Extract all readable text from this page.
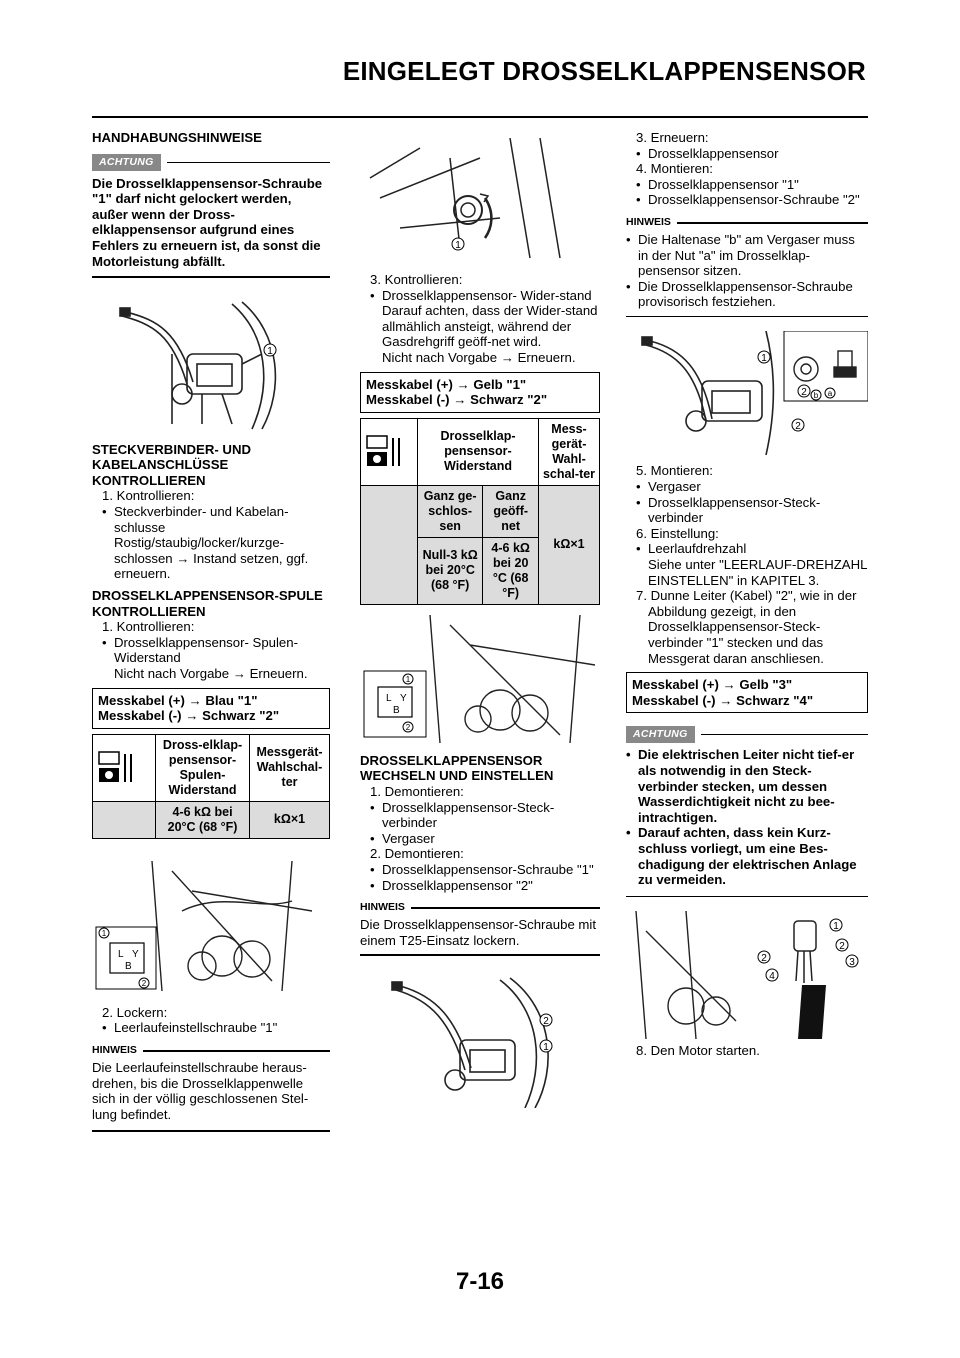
EINGELEGT DROSSELKLAPPENSENSOR
HANDHABUNGSHINWEISE
ACHTUNG
Die Drosselklappensensor-Schraube "1" darf nicht gelockert werden, außer wenn der Dross-elklappensensor aufgrund eines Fehlers zu erneuern ist, da sonst die Motorleistung abfällt.
1
STECKVERBINDER- UND KABELANSCHLÜSSE KONTROLLIEREN
1. Kontrollieren:
• Steckverbinder- und Kabelan-schlusse
Rostig/staubig/locker/kurzge-schlossen → Instand setzen, ggf. erneuern.
DROSSELKLAPPENSENSOR-SPULE KONTROLLIEREN
1. Kontrollieren:
• Drosselklappensensor- Spulen-Widerstand
Nicht nach Vorgabe → Erneuern.
Messkabel (+) → Blau "1"
Messkabel (-) → Schwarz "2"
	Dross-elklap-pensensor-Spulen-Widerstand	Messgerät-Wahlschal-ter
	4-6 kΩ bei 20°C (68 °F)	kΩ×1
L Y
B
1
2
2. Lockern:
• Leerlaufeinstellschraube "1"
HINWEIS
Die Leerlaufeinstellschraube heraus-drehen, bis die Drosselklappenwelle sich in der völlig geschlossenen Stel-lung befindet.
1
3. Kontrollieren:
• Drosselklappensensor- Wider-stand
Darauf achten, dass der Wider-stand allmählich ansteigt, während der Gasdrehgriff geöff-net wird.
Nicht nach Vorgabe → Erneuern.
Messkabel (+) → Gelb "1"
Messkabel (-) → Schwarz "2"
	Drosselklap-pensensor-Widerstand		Mess-gerät-Wahl-schal-ter
	Ganz ge-schlos-sen	Ganz geöff-net	kΩ×1
	Null-3 kΩ bei 20°C (68 °F)	4-6 kΩ bei 20 °C (68 °F)	
L Y
B
1
2
DROSSELKLAPPENSENSOR WECHSELN UND EINSTELLEN
1. Demontieren:
• Drosselklappensensor-Steck-verbinder
• Vergaser
2. Demontieren:
• Drosselklappensensor-Schraube "1"
• Drosselklappensensor "2"
HINWEIS
Die Drosselklappensensor-Schraube mit einem T25-Einsatz lockern.
2
1
3. Erneuern:
• Drosselklappensensor
4. Montieren:
• Drosselklappensensor "1"
• Drosselklappensensor-Schraube "2"
HINWEIS
• Die Haltenase "b" am Vergaser muss in der Nut "a" im Drosselklap-pensensor sitzen.
• Die Drosselklappensensor-Schraube provisorisch festziehen.
1
2 b a
2
5. Montieren:
• Vergaser
• Drosselklappensensor-Steck-verbinder
6. Einstellung:
• Leerlaufdrehzahl
Siehe unter "LEERLAUF-DREHZAHL EINSTELLEN" in KAPITEL 3.
7. Dunne Leiter (Kabel) "2", wie in der Abbildung gezeigt, in den Drosselklappensensor-Steck-verbinder "1" stecken und das Messgerat daran anschliesen.
Messkabel (+) → Gelb "3"
Messkabel (-) → Schwarz "4"
ACHTUNG
• Die elektrischen Leiter nicht tief-er als notwendig in den Steck-verbinder stecken, um dessen Wasserdichtigkeit nicht zu bee-intrachtigen.
• Darauf achten, dass kein Kurz-schluss vorliegt, um eine Bes-chadigung der elektrischen Anlage zu vermeiden.
1
2
2	3
4
8. Den Motor starten.
7-16
